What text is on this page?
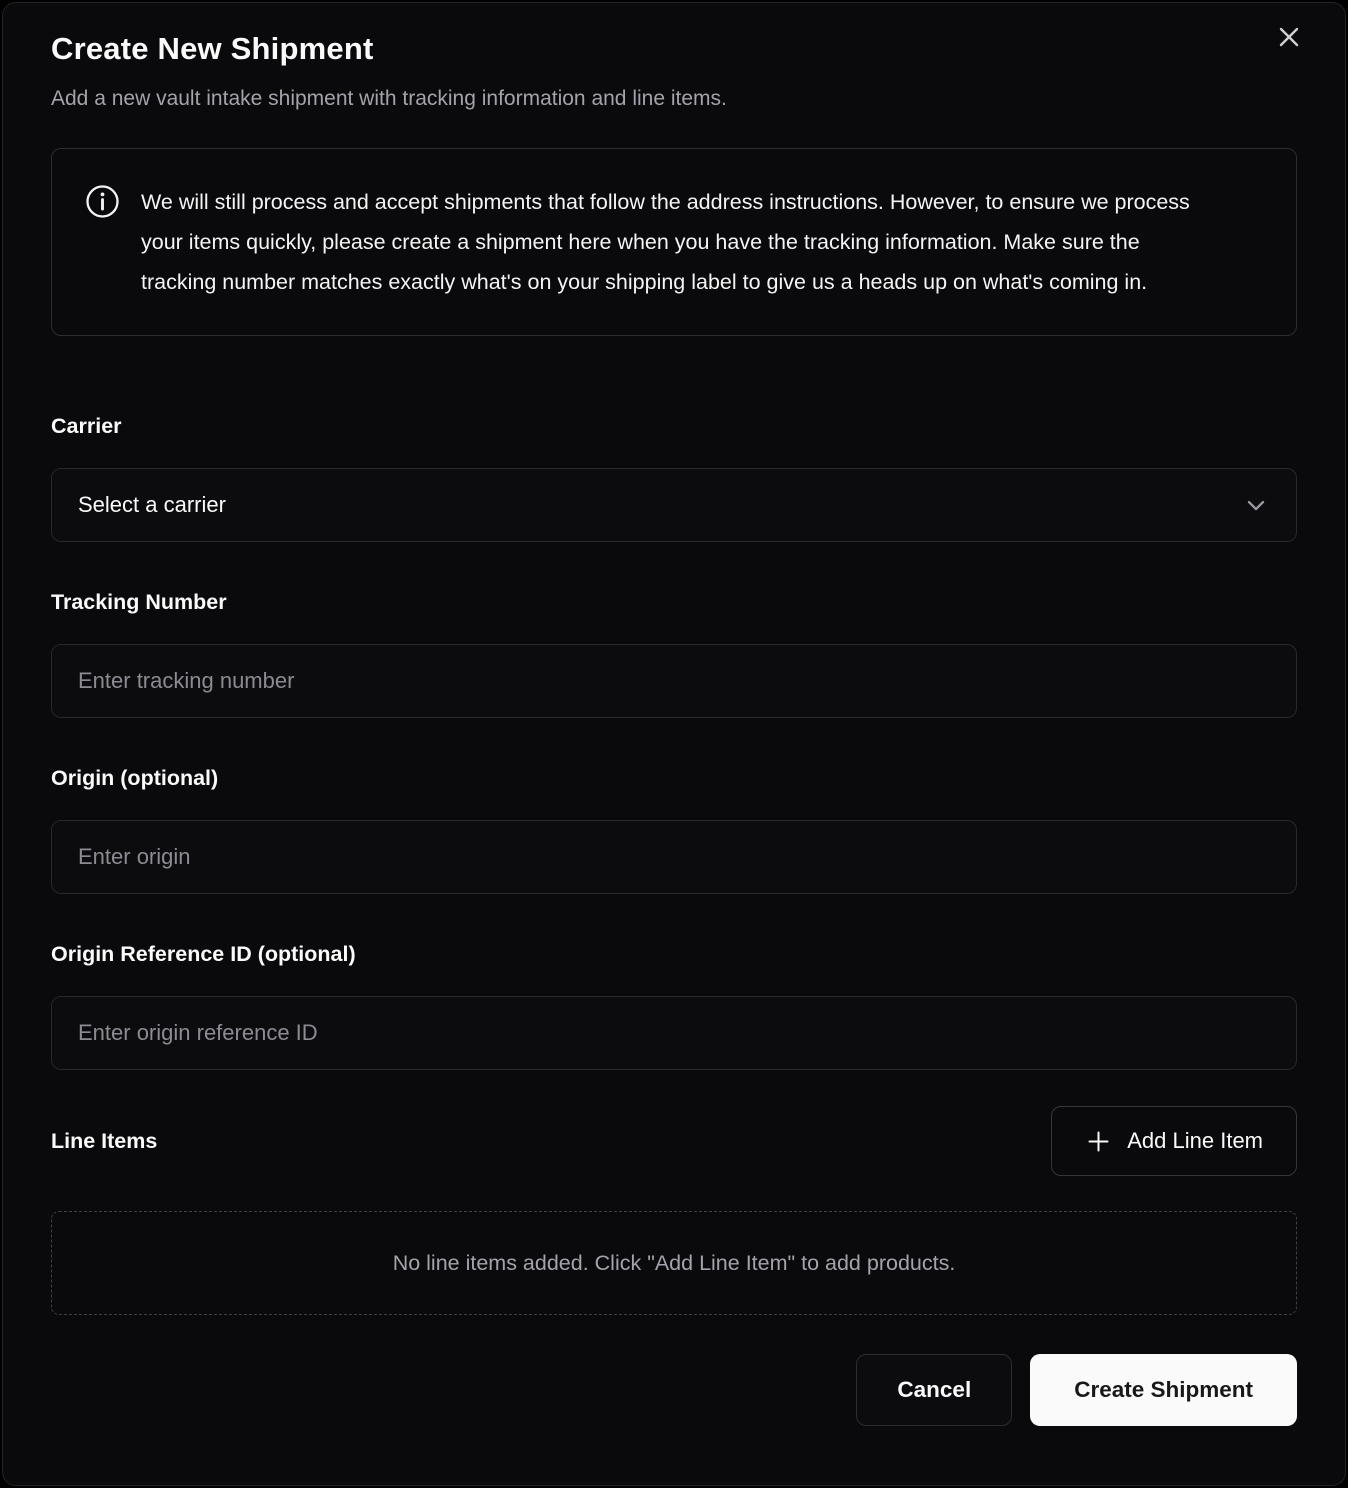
Create New Shipment

Add a new vault intake shipment with tracking information and line items.

We will still process and accept shipments that follow the address instructions. However, to ensure we process your items quickly, please create a shipment here when you have the tracking information. Make sure the tracking number matches exactly what's on your shipping label to give us a heads up on what's coming in.

Carrier
Select a carrier
Tracking Number
Enter tracking number
Origin (optional)
Enter origin
Origin Reference ID (optional)
Enter origin reference ID
Line Items	Add Line Item
No line items added. Click "Add Line Item" to add products.
Cancel	Create Shipment
